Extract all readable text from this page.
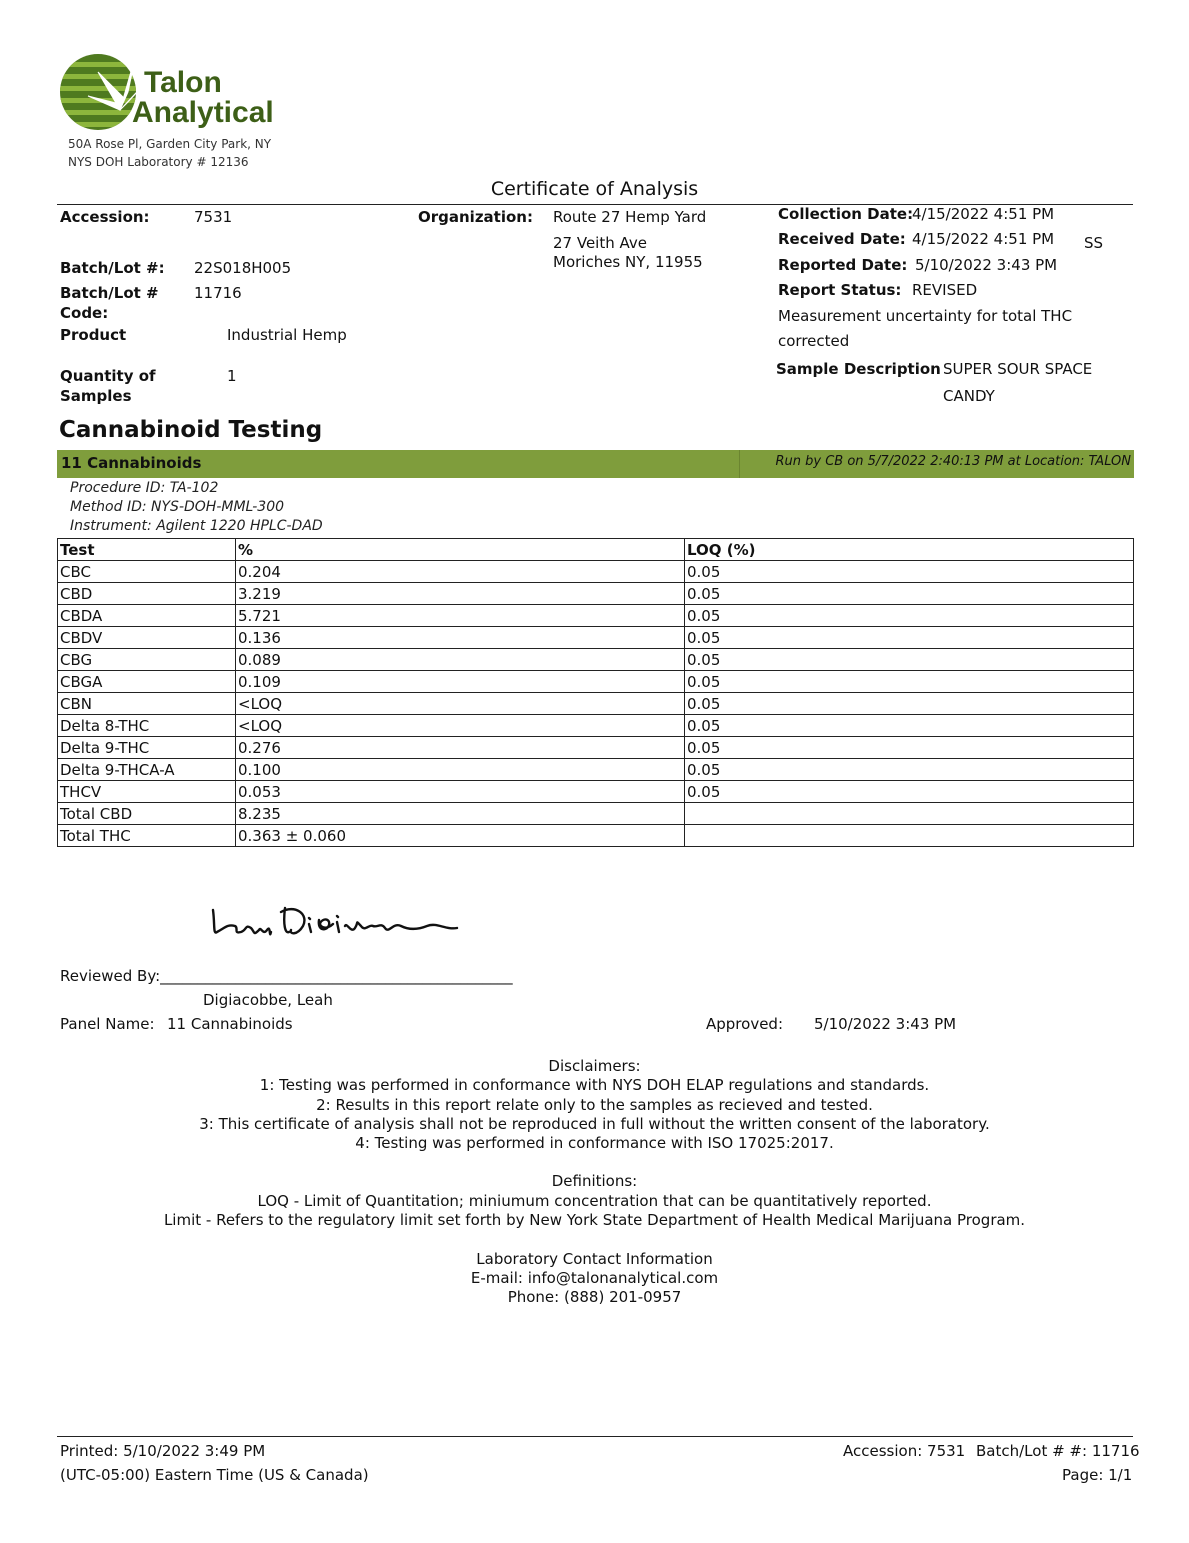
Talon
Analytical
50A Rose Pl, Garden City Park, NY
NYS DOH Laboratory # 12136
Certificate of Analysis
Accession:	7531
Batch/Lot #: 22S018H005
Batch/Lot #
Code:
11716
Product	Industrial Hemp
Quantity of
Samples
1
Organization: Route 27 Hemp Yard
27 Veith Ave
Moriches NY, 11955
Collection Date:
4/15/2022 4:51 PM
Received Date: 4/15/2022 4:51 PM SS
Reported Date: 5/10/2022 3:43 PM
Report Status: REVISED
Measurement uncertainty for total THC
corrected
Sample Description SUPER SOUR SPACE
CANDY
Cannabinoid Testing
11 Cannabinoids	Run by CB on 5/7/2022 2:40:13 PM at Location: TALON
Procedure ID: TA-102
Method ID: NYS-DOH-MML-300
Instrument: Agilent 1220 HPLC-DAD
Test	%	LOQ (%)
CBC	0.204	0.05
CBD	3.219	0.05
CBDA	5.721	0.05
CBDV	0.136	0.05
CBG	0.089	0.05
CBGA	0.109	0.05
CBN	<LOQ	0.05
Delta 8-THC	<LOQ	0.05
Delta 9-THC	0.276	0.05
Delta 9-THCA-A	0.100	0.05
THCV	0.053	0.05
Total CBD	8.235	
Total THC	0.363 ± 0.060	
Reviewed By:_______________________________________________
Digiacobbe, Leah
Panel Name: 11 Cannabinoids	Approved: 5/10/2022 3:43 PM
Disclaimers:
1: Testing was performed in conformance with NYS DOH ELAP regulations and standards.
2: Results in this report relate only to the samples as recieved and tested.
3: This certificate of analysis shall not be reproduced in full without the written consent of the laboratory.
4: Testing was performed in conformance with ISO 17025:2017.
Definitions:
LOQ - Limit of Quantitation; miniumum concentration that can be quantitatively reported.
Limit - Refers to the regulatory limit set forth by New York State Department of Health Medical Marijuana Program.
Laboratory Contact Information
E-mail: info@talonanalytical.com
Phone: (888) 201-0957
Printed: 5/10/2022 3:49 PM
(UTC-05:00) Eastern Time (US & Canada)
Accession: 7531 Batch/Lot # #: 11716
Page: 1/1
